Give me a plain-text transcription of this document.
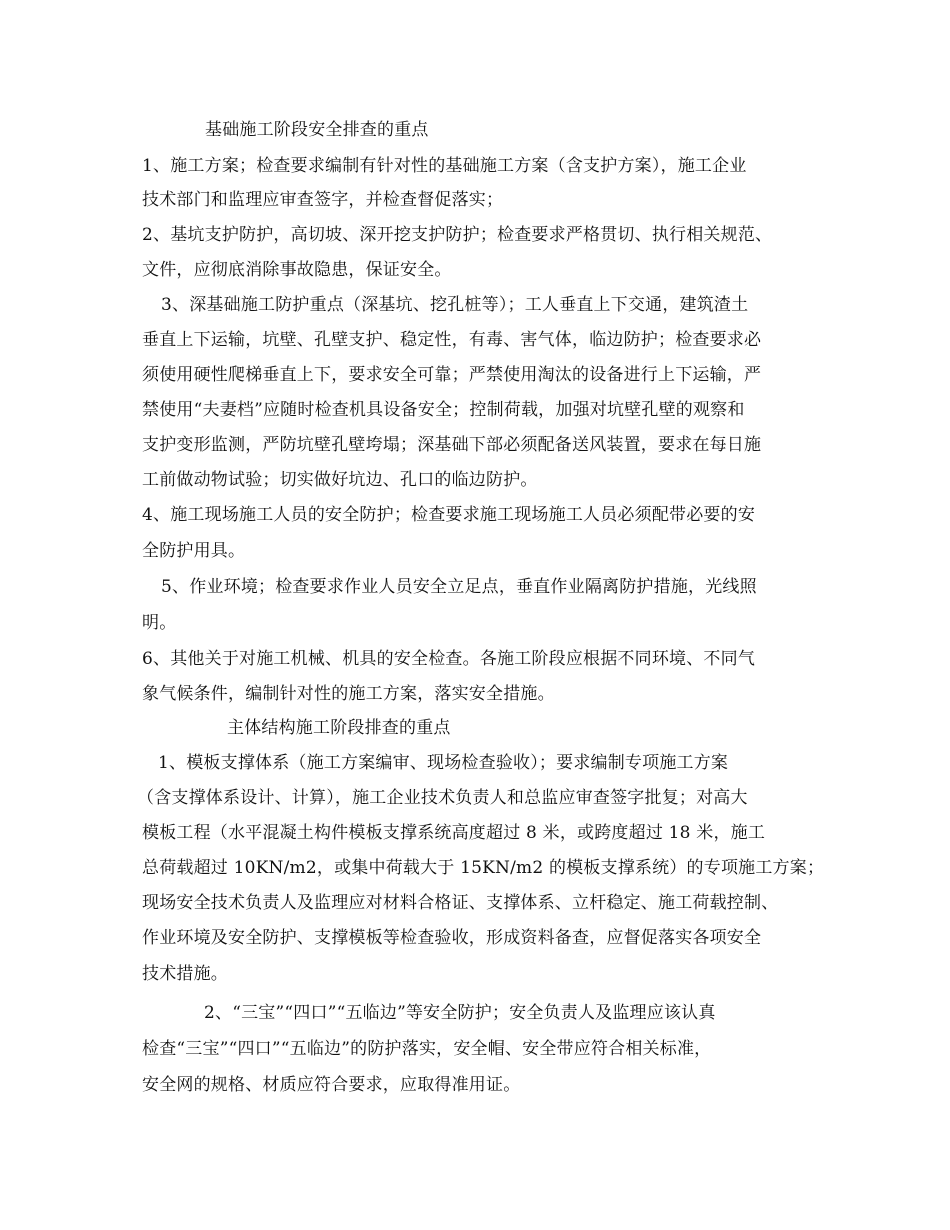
基础施工阶段安全排查的重点
1、施工方案；检查要求编制有针对性的基础施工方案（含支护方案），施工企业
技术部门和监理应审查签字，并检查督促落实；
2、基坑支护防护，高切坡、深开挖支护防护；检查要求严格贯切、执行相关规范、
文件，应彻底消除事故隐患，保证安全。
3、深基础施工防护重点（深基坑、挖孔桩等）；工人垂直上下交通，建筑渣土
垂直上下运输，坑壁、孔壁支护、稳定性，有毒、害气体，临边防护；检查要求必
须使用硬性爬梯垂直上下，要求安全可靠；严禁使用淘汰的设备进行上下运输，严
禁使用“夫妻档”应随时检查机具设备安全；控制荷载，加强对坑壁孔壁的观察和
支护变形监测，严防坑壁孔壁垮塌；深基础下部必须配备送风装置，要求在每日施
工前做动物试验；切实做好坑边、孔口的临边防护。
4、施工现场施工人员的安全防护；检查要求施工现场施工人员必须配带必要的安
全防护用具。
5、作业环境；检查要求作业人员安全立足点，垂直作业隔离防护措施，光线照
明。
6、其他关于对施工机械、机具的安全检查。各施工阶段应根据不同环境、不同气
象气候条件，编制针对性的施工方案，落实安全措施。
主体结构施工阶段排查的重点
1、模板支撑体系（施工方案编审、现场检查验收）；要求编制专项施工方案
（含支撑体系设计、计算），施工企业技术负责人和总监应审查签字批复；对高大
模板工程（水平混凝土构件模板支撑系统高度超过 8 米，或跨度超过 18 米，施工
总荷载超过 10KN/m2，或集中荷载大于 15KN/m2 的模板支撑系统）的专项施工方案；
现场安全技术负责人及监理应对材料合格证、支撑体系、立杆稳定、施工荷载控制、
作业环境及安全防护、支撑模板等检查验收，形成资料备查，应督促落实各项安全
技术措施。
2、“三宝”“四口”“五临边”等安全防护；安全负责人及监理应该认真
检查“三宝”“四口”“五临边”的防护落实，安全帽、安全带应符合相关标准，
安全网的规格、材质应符合要求，应取得准用证。
